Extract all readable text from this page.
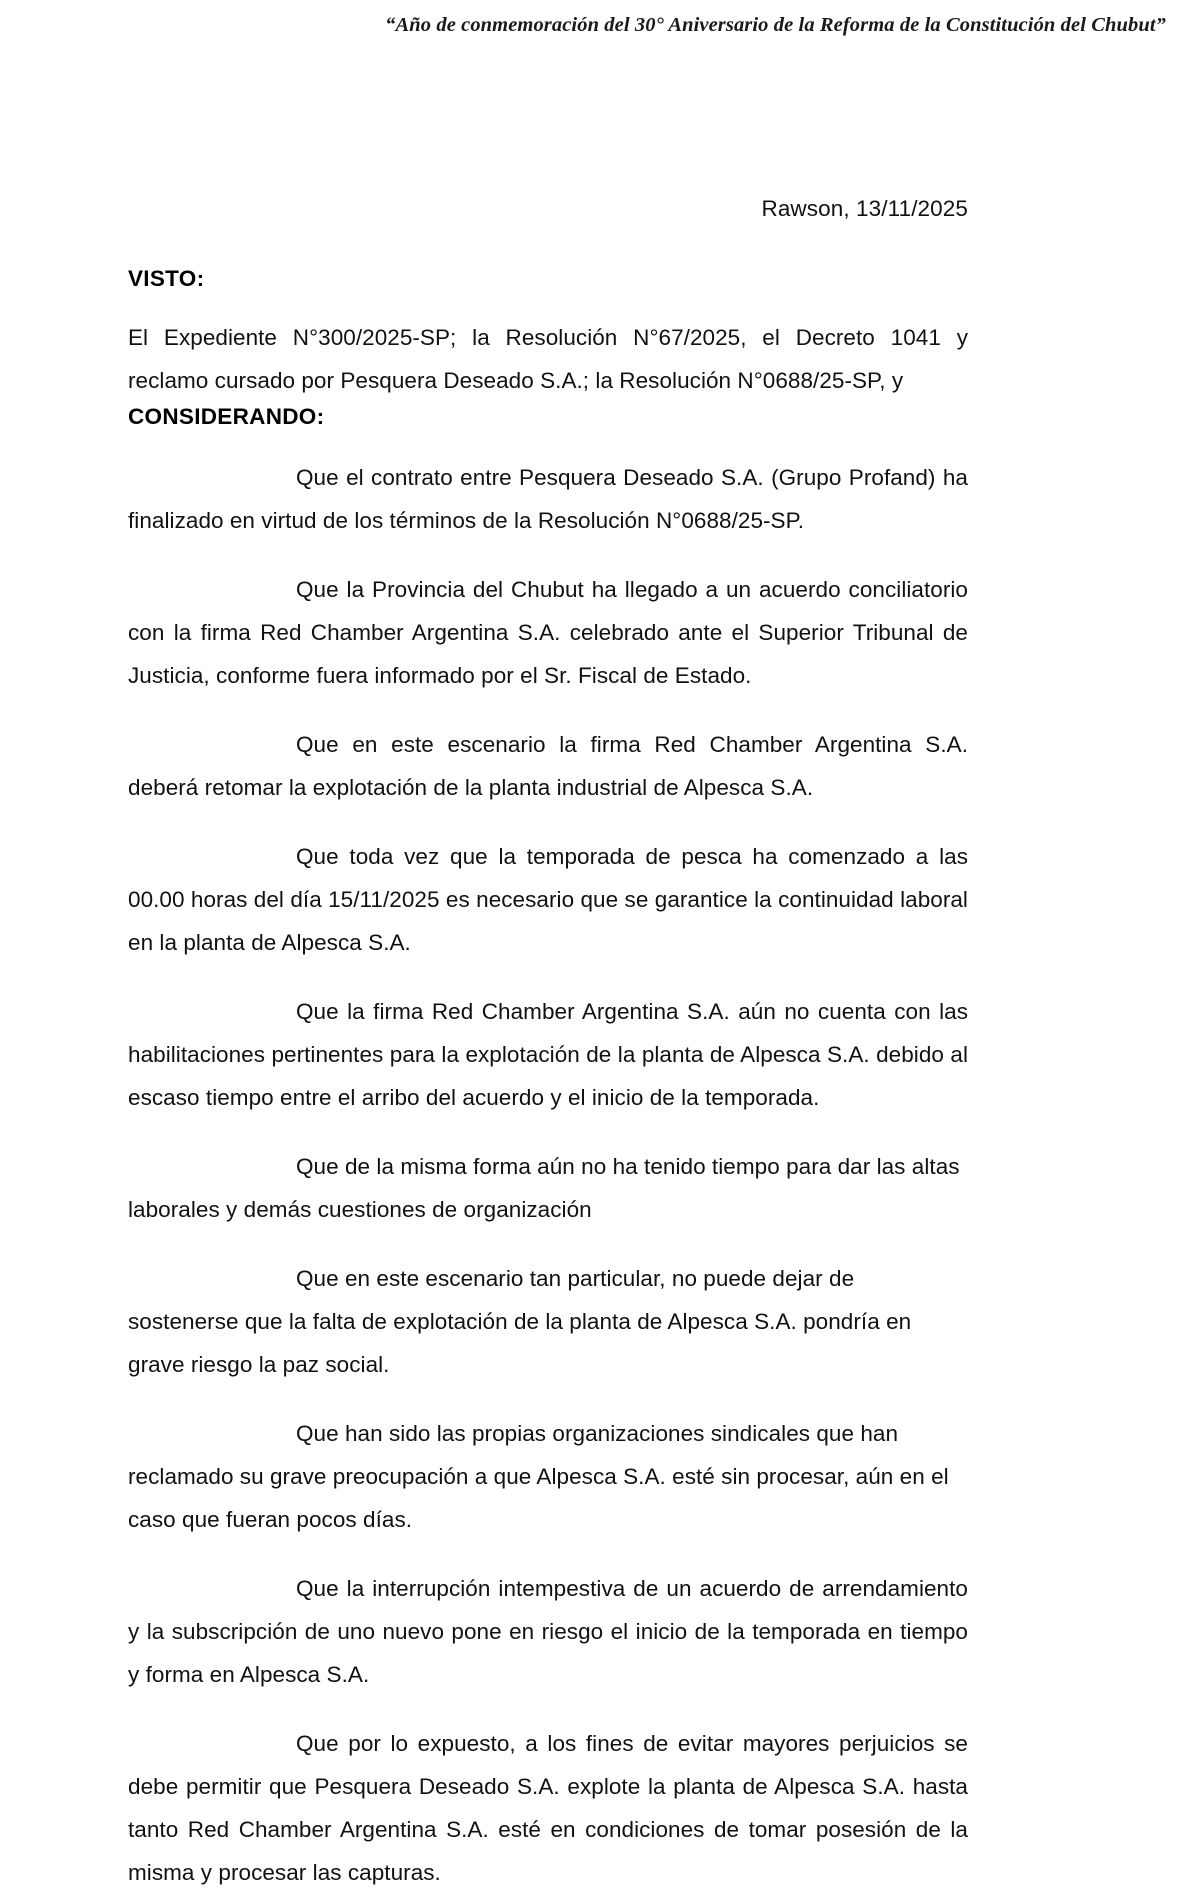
“Año de conmemoración del 30° Aniversario de la Reforma de la Constitución del Chubut”
Rawson, 13/11/2025
VISTO:
El Expediente N°300/2025-SP; la Resolución N°67/2025, el Decreto 1041 y reclamo cursado por Pesquera Deseado S.A.; la Resolución N°0688/25-SP, y
CONSIDERANDO:
Que el contrato entre Pesquera Deseado S.A. (Grupo Profand) ha finalizado en virtud de los términos de la Resolución N°0688/25-SP.
Que la Provincia del Chubut ha llegado a un acuerdo conciliatorio con la firma Red Chamber Argentina S.A. celebrado ante el Superior Tribunal de Justicia, conforme fuera informado por el Sr. Fiscal de Estado.
Que en este escenario la firma Red Chamber Argentina S.A. deberá retomar la explotación de la planta industrial de Alpesca S.A.
Que toda vez que la temporada de pesca ha comenzado a las 00.00 horas del día 15/11/2025 es necesario que se garantice la continuidad laboral en la planta de Alpesca S.A.
Que la firma Red Chamber Argentina S.A. aún no cuenta con las habilitaciones pertinentes para la explotación de la planta de Alpesca S.A. debido al escaso tiempo entre el arribo del acuerdo y el inicio de la temporada.
Que de la misma forma aún no ha tenido tiempo para dar las altas laborales y demás cuestiones de organización
Que en este escenario tan particular, no puede dejar de sostenerse que la falta de explotación de la planta de Alpesca S.A. pondría en grave riesgo la paz social.
Que han sido las propias organizaciones sindicales que han reclamado su grave preocupación a que Alpesca S.A. esté sin procesar, aún en el caso que fueran pocos días.
Que la interrupción intempestiva de un acuerdo de arrendamiento y la subscripción de uno nuevo pone en riesgo el inicio de la temporada en tiempo y forma en Alpesca S.A.
Que por lo expuesto, a los fines de evitar mayores perjuicios se debe permitir que Pesquera Deseado S.A. explote la planta de Alpesca S.A. hasta tanto Red Chamber Argentina S.A. esté en condiciones de tomar posesión de la misma y procesar las capturas.
